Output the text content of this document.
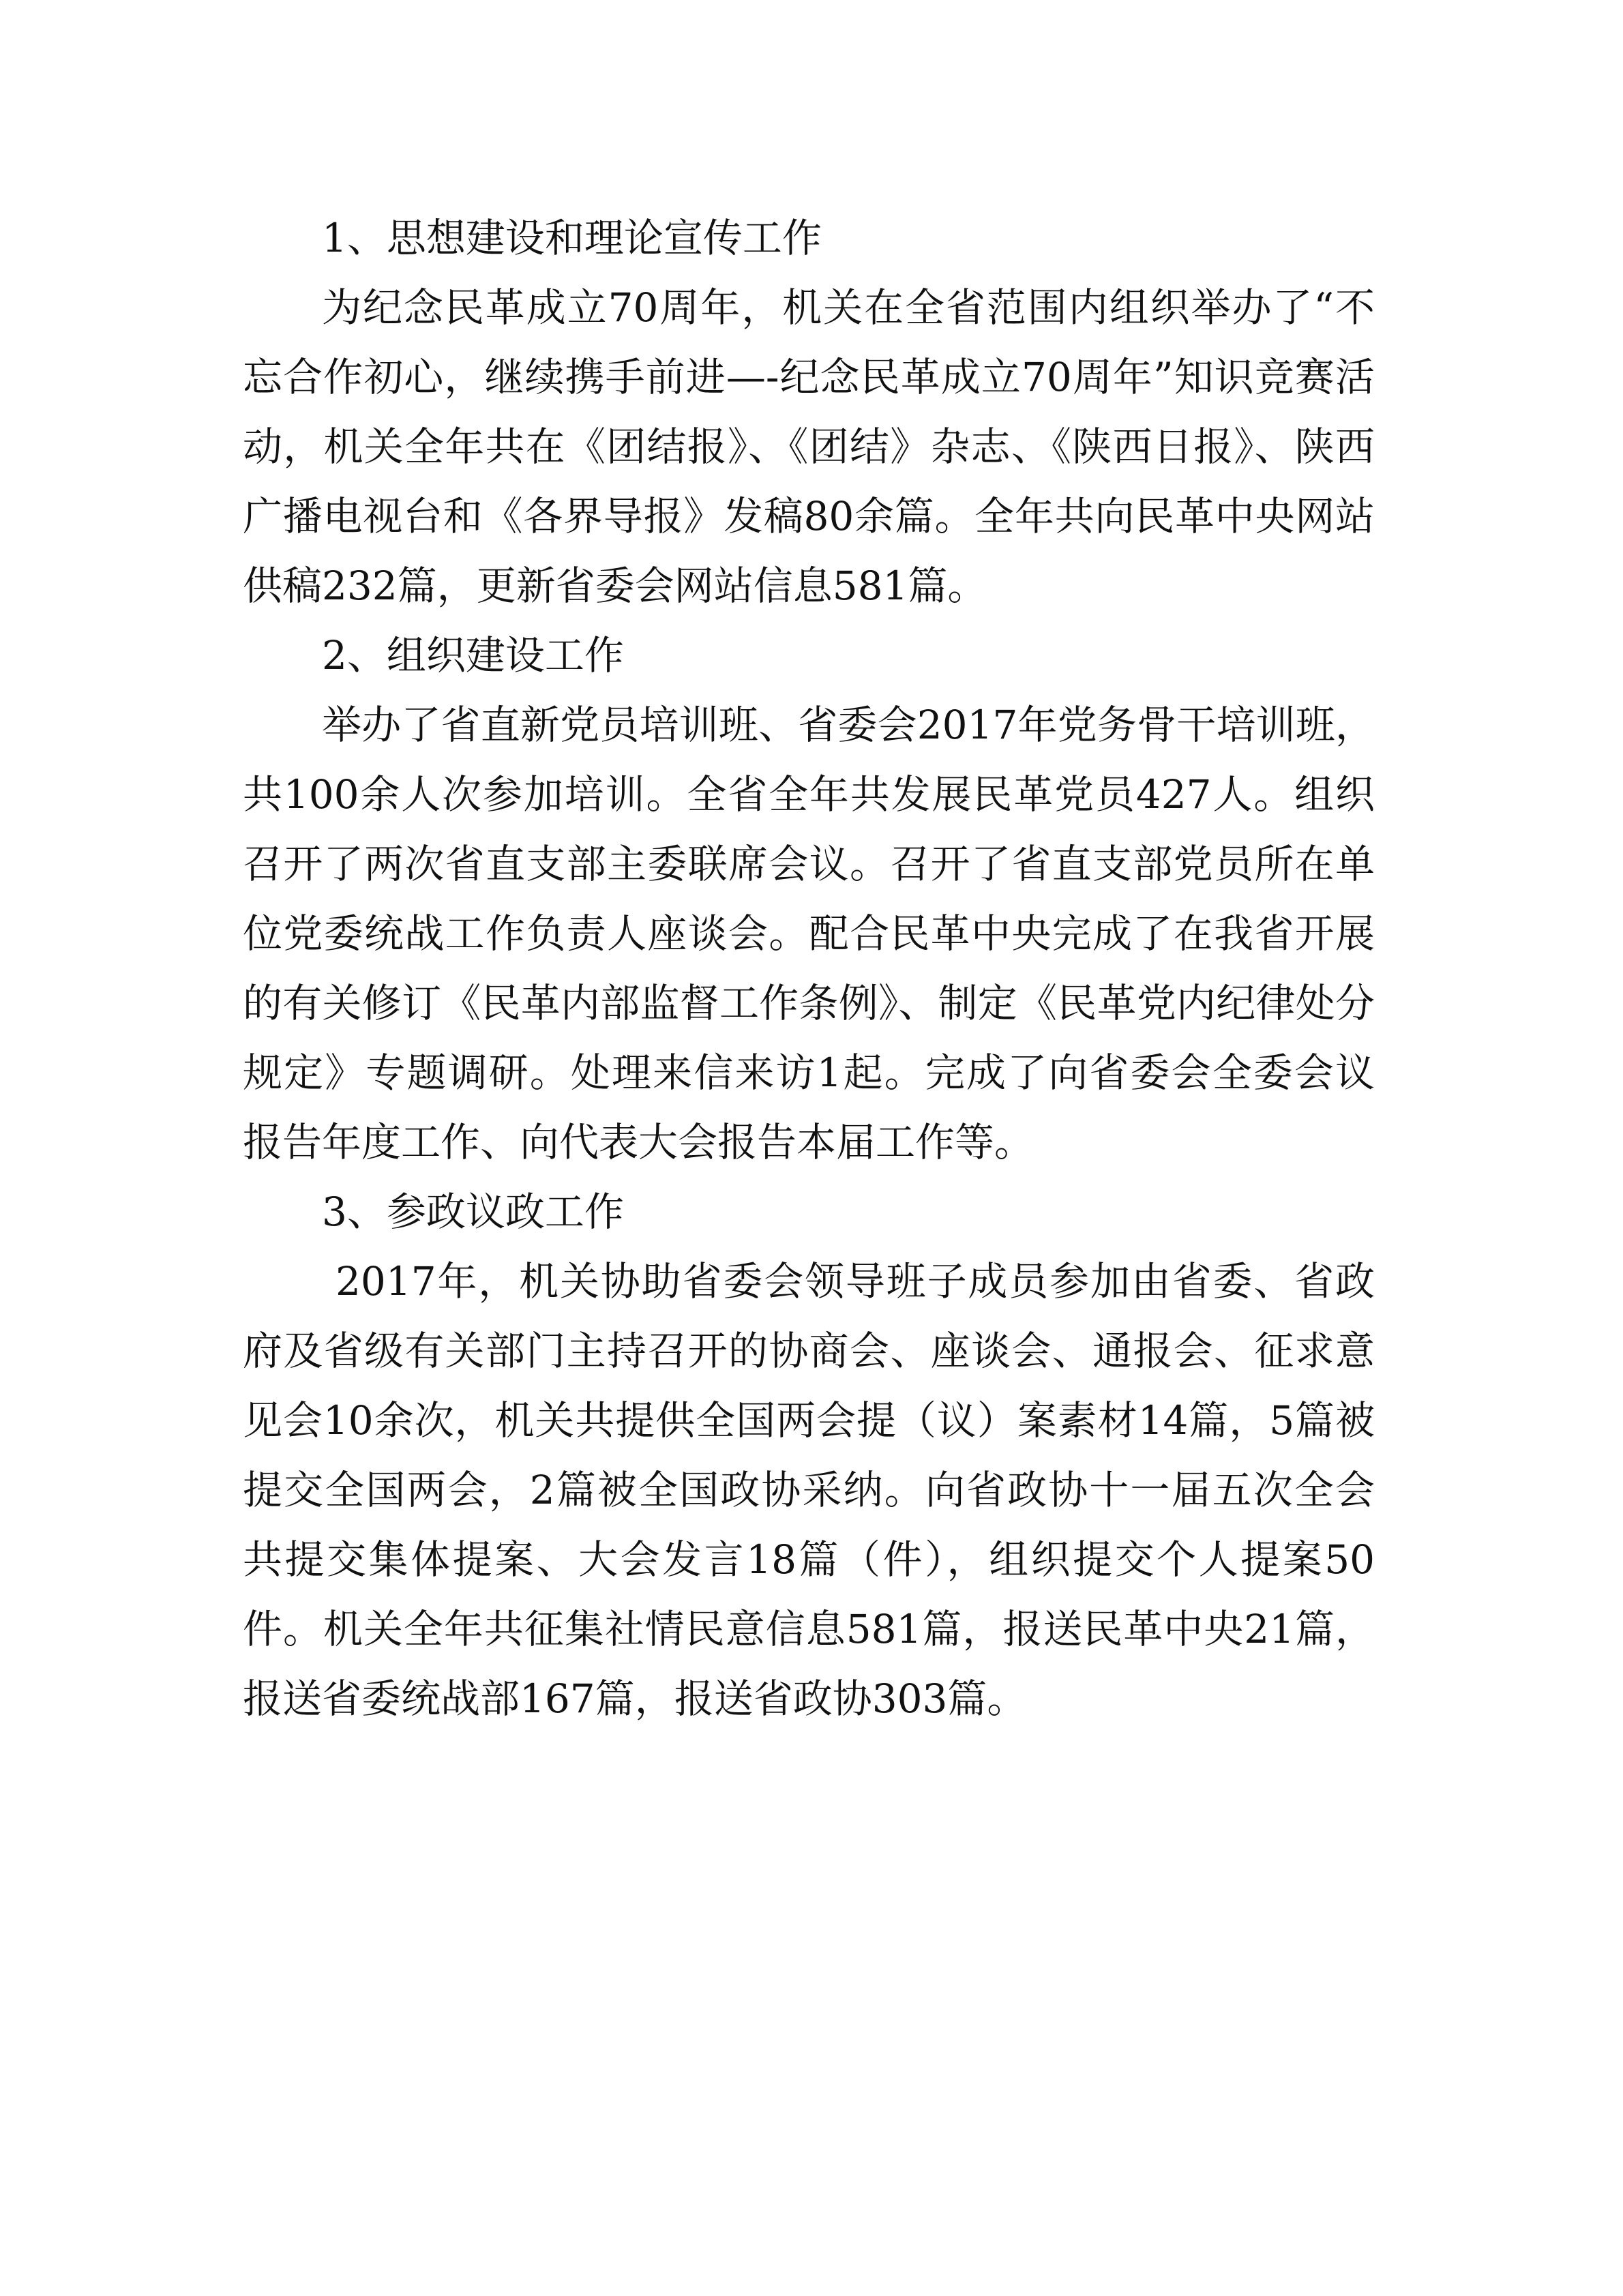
1、思想建设和理论宣传工作

为纪念民革成立70周年，机关在全省范围内组织举办了“不忘合作初心，继续携手前进—-纪念民革成立70周年”知识竞赛活动，机关全年共在《团结报》、《团结》杂志、《陕西日报》、陕西广播电视台和《各界导报》发稿80余篇。全年共向民革中央网站供稿232篇，更新省委会网站信息581篇。

2、组织建设工作

举办了省直新党员培训班、省委会2017年党务骨干培训班，共100余人次参加培训。全省全年共发展民革党员427人。组织召开了两次省直支部主委联席会议。召开了省直支部党员所在单位党委统战工作负责人座谈会。配合民革中央完成了在我省开展的有关修订《民革内部监督工作条例》、制定《民革党内纪律处分规定》专题调研。处理来信来访1起。完成了向省委会全委会议报告年度工作、向代表大会报告本届工作等。

3、参政议政工作

2017年，机关协助省委会领导班子成员参加由省委、省政府及省级有关部门主持召开的协商会、座谈会、通报会、征求意见会10余次，机关共提供全国两会提（议）案素材14篇，5篇被提交全国两会，2篇被全国政协采纳。向省政协十一届五次全会共提交集体提案、大会发言18篇（件），组织提交个人提案50件。机关全年共征集社情民意信息581篇，报送民革中央21篇，报送省委统战部167篇，报送省政协303篇。
